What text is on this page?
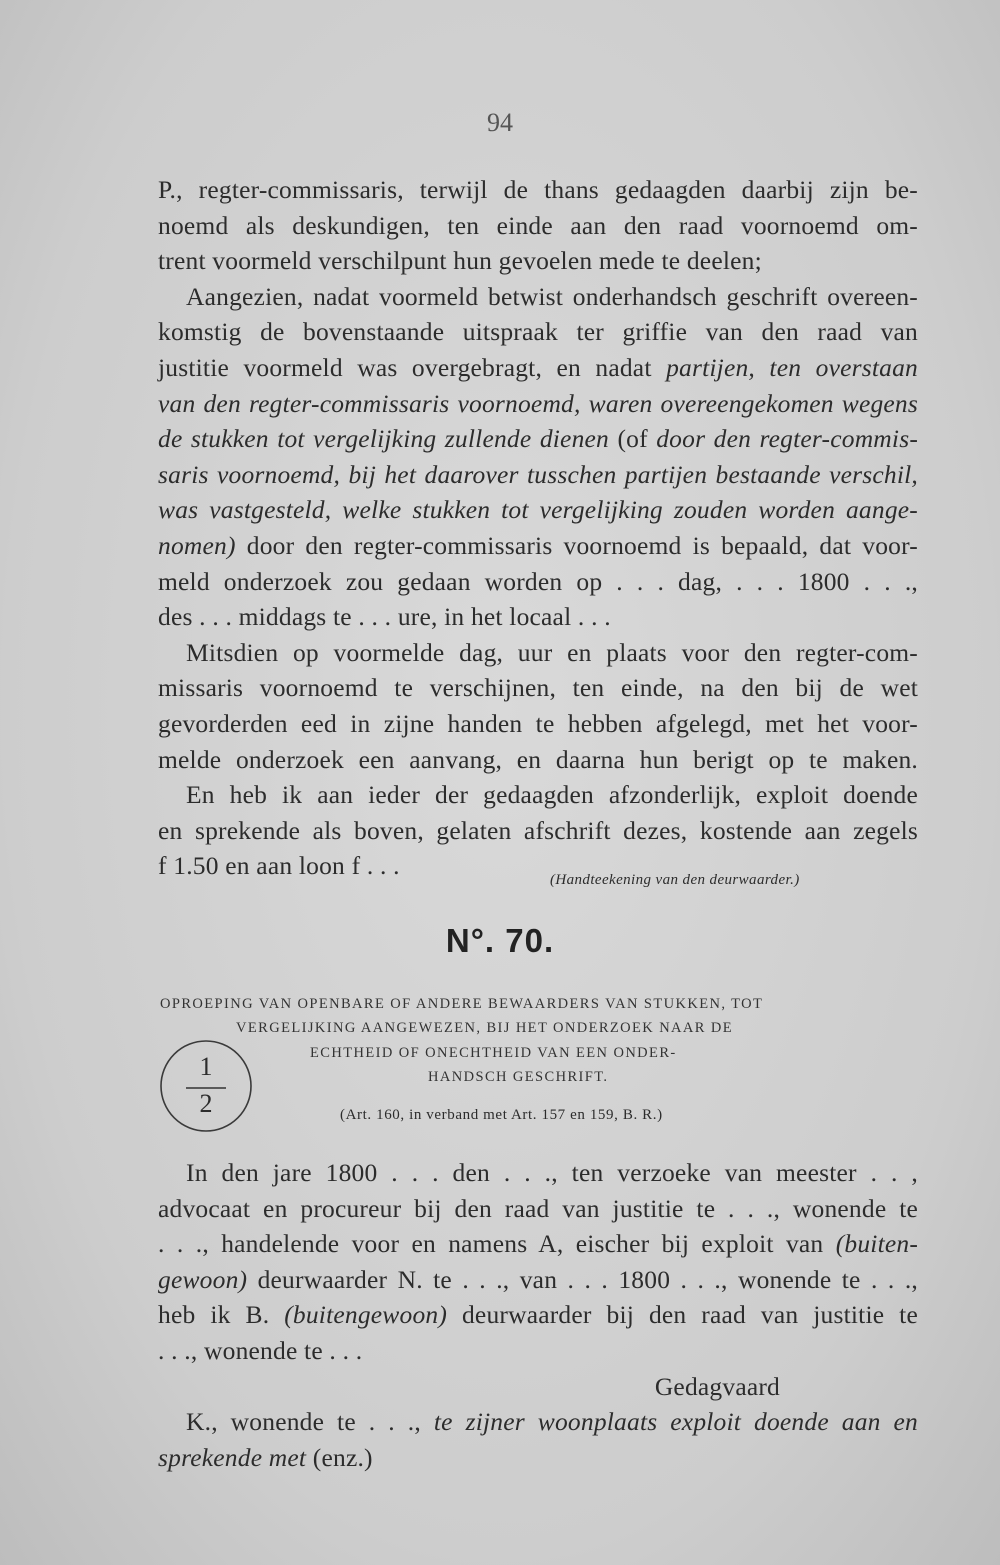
94
P., regter-commissaris, terwijl de thans gedaagden daarbij zijn be-
noemd als deskundigen, ten einde aan den raad voornoemd om-
trent voormeld verschilpunt hun gevoelen mede te deelen;
Aangezien, nadat voormeld betwist onderhandsch geschrift overeen-
komstig de bovenstaande uitspraak ter griffie van den raad van
justitie voormeld was overgebragt, en nadat partijen, ten overstaan
van den regter-commissaris voornoemd, waren overeengekomen wegens
de stukken tot vergelijking zullende dienen (of door den regter-commis-
saris voornoemd, bij het daarover tusschen partijen bestaande verschil,
was vastgesteld, welke stukken tot vergelijking zouden worden aange-
nomen) door den regter-commissaris voornoemd is bepaald, dat voor-
meld onderzoek zou gedaan worden op . . . dag, . . . 1800 . . .,
des . . . middags te . . . ure, in het locaal . . .
Mitsdien op voormelde dag, uur en plaats voor den regter-com-
missaris voornoemd te verschijnen, ten einde, na den bij de wet
gevorderden eed in zijne handen te hebben afgelegd, met het voor-
melde onderzoek een aanvang, en daarna hun berigt op te maken.
En heb ik aan ieder der gedaagden afzonderlijk, exploit doende
en sprekende als boven, gelaten afschrift dezes, kostende aan zegels
f 1.50 en aan loon f . . .	(Handteekening van den deurwaarder.)
N°. 70.
OPROEPING VAN OPENBARE OF ANDERE BEWAARDERS VAN STUKKEN, TOT
VERGELIJKING AANGEWEZEN, BIJ HET ONDERZOEK NAAR DE
ECHTHEID OF ONECHTHEID VAN EEN ONDER-
HANDSCH GESCHRIFT.
1
2	(Art. 160, in verband met Art. 157 en 159, B. R.)
In den jare 1800 . . . den . . ., ten verzoeke van meester . . ,
advocaat en procureur bij den raad van justitie te . . ., wonende te
. . ., handelende voor en namens A, eischer bij exploit van (buiten-
gewoon) deurwaarder N. te . . ., van . . . 1800 . . ., wonende te . . .,
heb ik B. (buitengewoon) deurwaarder bij den raad van justitie te
. . ., wonende te . . .
Gedagvaard
K., wonende te . . ., te zijner woonplaats exploit doende aan en
sprekende met (enz.)
